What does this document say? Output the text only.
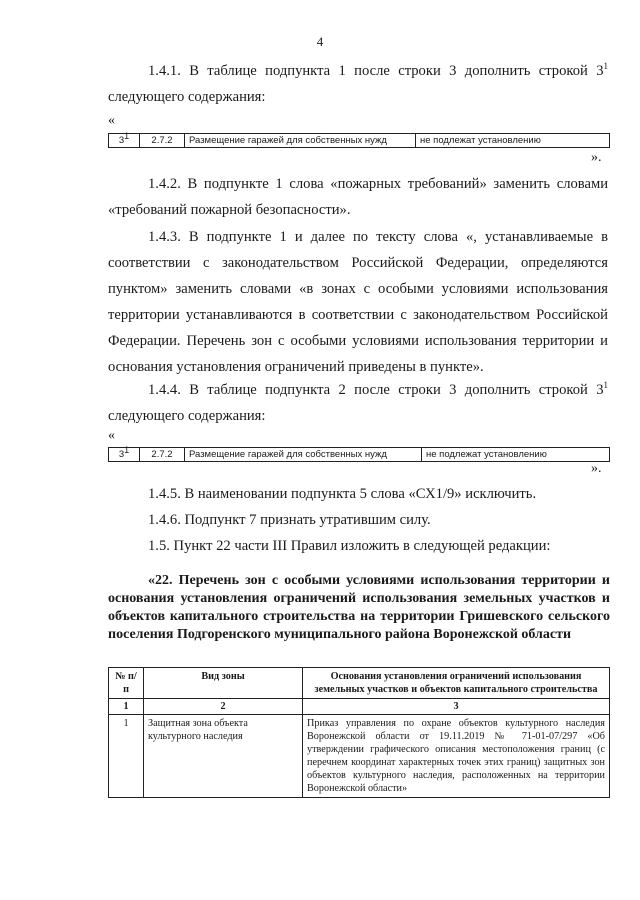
4
1.4.1. В таблице подпункта 1 после строки 3 дополнить строкой $3^1$ следующего содержания:
«
$3^1$	2.7.2	Размещение гаражей для собственных нужд	не подлежат установлению
».
1.4.2. В подпункте 1 слова «пожарных требований» заменить словами «требований пожарной безопасности».
1.4.3. В подпункте 1 и далее по тексту слова «, устанавливаемые в соответствии с законодательством Российской Федерации, определяются пунктом» заменить словами «в зонах с особыми условиями использования территории устанавливаются в соответствии с законодательством Российской Федерации. Перечень зон с особыми условиями использования территории и основания установления ограничений приведены в пункте».
1.4.4. В таблице подпункта 2 после строки 3 дополнить строкой $3^1$ следующего содержания:
«
$3^1$	2.7.2	Размещение гаражей для собственных нужд	не подлежат установлению
».
1.4.5. В наименовании подпункта 5 слова «СХ1/9» исключить.
1.4.6. Подпункт 7 признать утратившим силу.
1.5. Пункт 22 части III Правил изложить в следующей редакции:
«22. Перечень зон с особыми условиями использования территории и основания установления ограничений использования земельных участков и объектов капитального строительства на территории Гришевского сельского поселения Подгоренского муниципального района Воронежской области
№ п/п	Вид зоны	Основания установления ограничений использования земельных участков и объектов капитального строительства
1	2	3
1	Защитная зона объекта культурного наследия	Приказ управления по охране объектов культурного наследия Воронежской области от 19.11.2019 № 71-01-07/297 «Об утверждении графического описания местоположения границ (с перечнем координат характерных точек этих границ) защитных зон объектов культурного наследия, расположенных на территории Воронежской области»
